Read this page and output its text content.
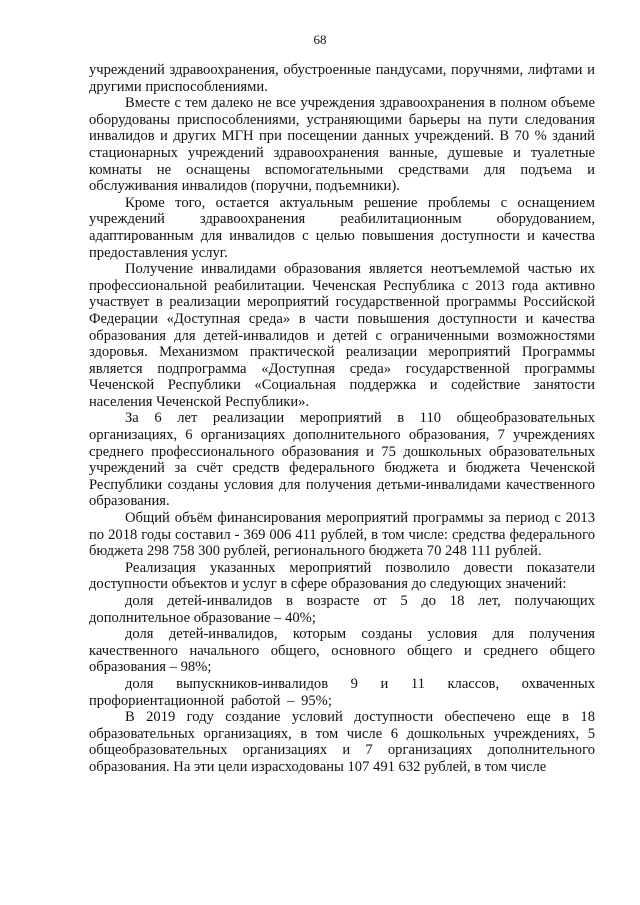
68

учреждений здравоохранения, обустроенные пандусами, поручнями, лифтами и другими приспособлениями.

Вместе с тем далеко не все учреждения здравоохранения в полном объеме оборудованы приспособлениями, устраняющими барьеры на пути следования инвалидов и других МГН при посещении данных учреждений. В 70 % зданий стационарных учреждений здравоохранения ванные, душевые и туалетные комнаты не оснащены вспомогательными средствами для подъема и обслуживания инвалидов (поручни, подъемники).

Кроме того, остается актуальным решение проблемы с оснащением учреждений здравоохранения реабилитационным оборудованием, адаптированным для инвалидов с целью повышения доступности и качества предоставления услуг.

Получение инвалидами образования является неотъемлемой частью их профессиональной реабилитации. Чеченская Республика с 2013 года активно участвует в реализации мероприятий государственной программы Российской Федерации «Доступная среда» в части повышения доступности и качества образования для детей-инвалидов и детей с ограниченными возможностями здоровья. Механизмом практической реализации мероприятий Программы является подпрограмма «Доступная среда» государственной программы Чеченской Республики «Социальная поддержка и содействие занятости населения Чеченской Республики».

За 6 лет реализации мероприятий в 110 общеобразовательных организациях, 6 организациях дополнительного образования, 7 учреждениях среднего профессионального образования и 75 дошкольных образовательных учреждений за счёт средств федерального бюджета и бюджета Чеченской Республики созданы условия для получения детьми-инвалидами качественного образования.

Общий объём финансирования мероприятий программы за период с 2013 по 2018 годы составил - 369 006 411 рублей, в том числе: средства федерального бюджета 298 758 300 рублей, регионального бюджета 70 248 111 рублей.

Реализация указанных мероприятий позволило довести показатели доступности объектов и услуг в сфере образования до следующих значений:

доля детей-инвалидов в возрасте от 5 до 18 лет, получающих дополнительное образование – 40%;

доля детей-инвалидов, которым созданы условия для получения качественного начального общего, основного общего и среднего общего образования – 98%;

доля выпускников-инвалидов 9 и 11 классов, охваченных профориентационной работой – 95%;

В 2019 году создание условий доступности обеспечено еще в 18 образовательных организациях, в том числе 6 дошкольных учреждениях, 5 общеобразовательных организациях и 7 организациях дополнительного образования. На эти цели израсходованы 107 491 632 рублей, в том числе
